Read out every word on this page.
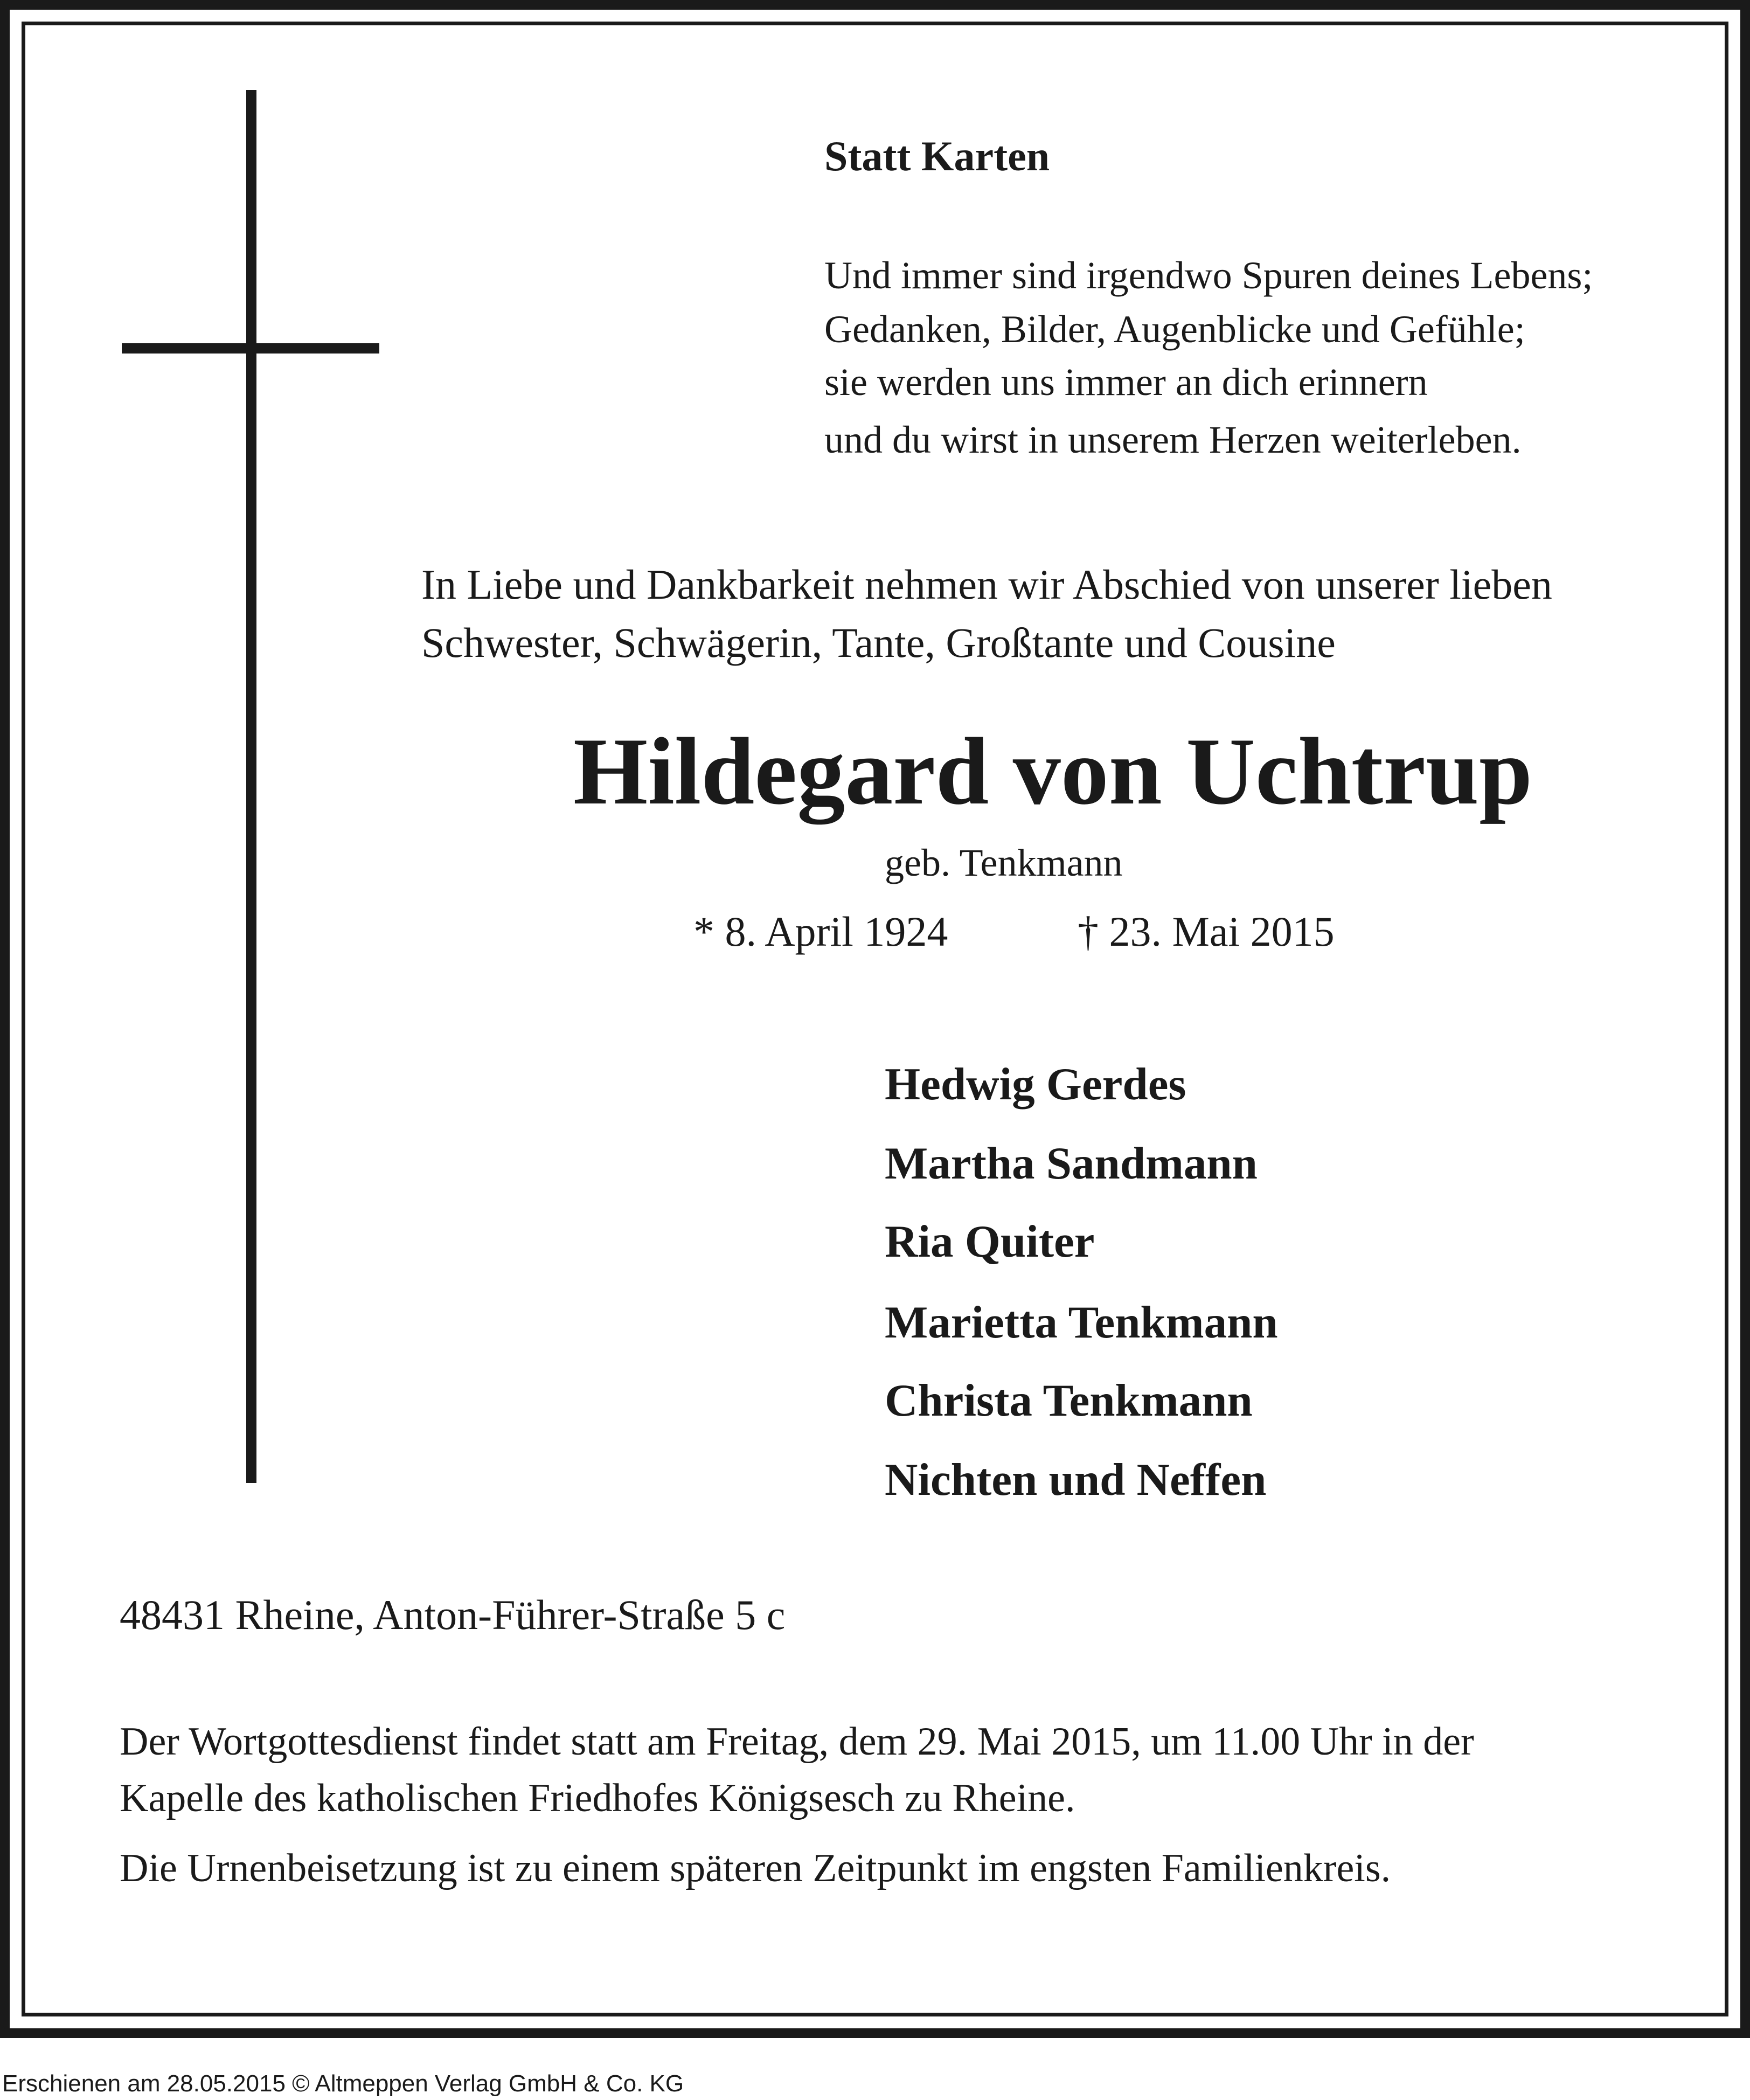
Statt Karten

Und immer sind irgendwo Spuren deines Lebens;

Gedanken, Bilder, Augenblicke und Gefühle;

sie werden uns immer an dich erinnern

und du wirst in unserem Herzen weiterleben.

In Liebe und Dankbarkeit nehmen wir Abschied von unserer lieben

Schwester, Schwägerin, Tante, Großtante und Cousine

Hildegard von Uchtrup

geb. Tenkmann

* 8. April 1924	† 23. Mai 2015

Hedwig Gerdes

Martha Sandmann

Ria Quiter

Marietta Tenkmann

Christa Tenkmann

Nichten und Neffen

48431 Rheine, Anton-Führer-Straße 5 c

Der Wortgottesdienst findet statt am Freitag, dem 29. Mai 2015, um 11.00 Uhr in der

Kapelle des katholischen Friedhofes Königsesch zu Rheine.

Die Urnenbeisetzung ist zu einem späteren Zeitpunkt im engsten Familienkreis.

Erschienen am 28.05.2015 © Altmeppen Verlag GmbH & Co. KG
